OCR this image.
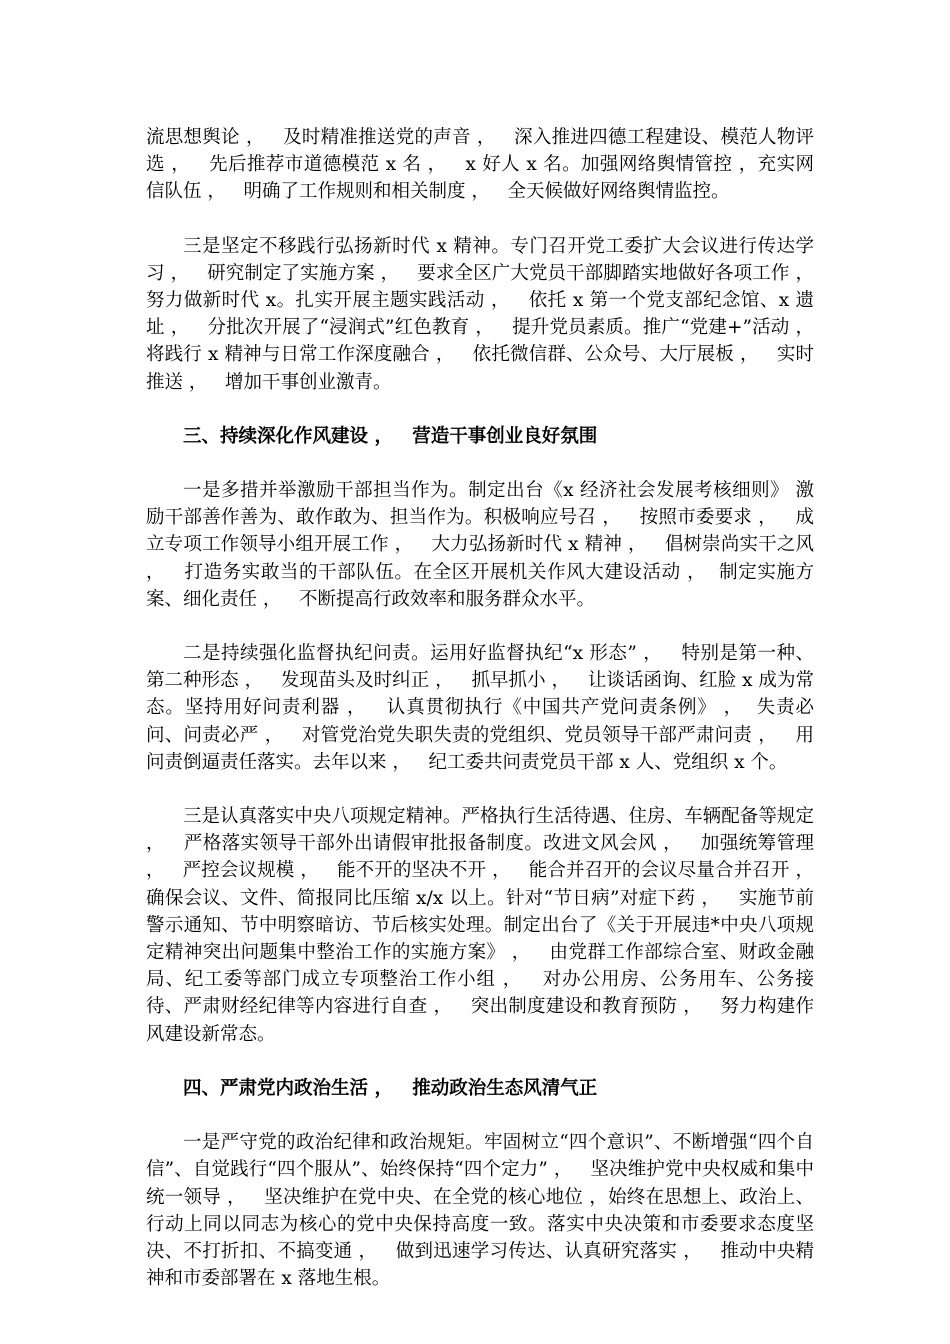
流思想舆论 ，   及时精准推送党的声音 ，   深入推进四德工程建设、模范人物评选 ，   先后推荐市道德模范 x 名 ，   x 好人 x 名。加强网络舆情管控 ，充实网信队伍 ，   明确了工作规则和相关制度 ，   全天候做好网络舆情监控。

三是坚定不移践行弘扬新时代 x 精神。专门召开党工委扩大会议进行传达学习 ，   研究制定了实施方案 ，   要求全区广大党员干部脚踏实地做好各项工作 ，   努力做新时代 x。扎实开展主题实践活动 ，   依托 x 第一个党支部纪念馆、x 遗址 ，   分批次开展了“浸润式”红色教育 ，   提升党员素质。推广“党建+”活动 ，   将践行 x 精神与日常工作深度融合 ，   依托微信群、公众号、大厅展板 ，   实时推送 ，   增加干事创业激青。

三、持续深化作风建设 ，   营造干事创业良好氛围

一是多措并举激励干部担当作为。制定出台《x 经济社会发展考核细则》 激励干部善作善为、敢作敢为、担当作为。积极响应号召 ，   按照市委要求 ，   成立专项工作领导小组开展工作 ，   大力弘扬新时代 x 精神 ，   倡树崇尚实干之风 ，   打造务实敢当的干部队伍。在全区开展机关作风大建设活动 ，  制定实施方案、细化责任 ，   不断提高行政效率和服务群众水平。

二是持续强化监督执纪问责。运用好监督执纪“x 形态” ，   特别是第一种、第二种形态 ，   发现苗头及时纠正 ，   抓早抓小 ，   让谈话函询、红脸 x 成为常态。坚持用好问责利器 ，   认真贯彻执行《中国共产党问责条例》 ，  失责必问、问责必严 ，   对管党治党失职失责的党组织、党员领导干部严肃问责 ，   用问责倒逼责任落实。去年以来 ，   纪工委共问责党员干部 x 人、党组织 x 个。

三是认真落实中央八项规定精神。严格执行生活待遇、住房、车辆配备等规定 ，   严格落实领导干部外出请假审批报备制度。改进文风会风 ，   加强统筹管理 ，   严控会议规模 ，   能不开的坚决不开 ，   能合并召开的会议尽量合并召开 ，   确保会议、文件、简报同比压缩 x/x 以上。针对“节日病”对症下药 ，   实施节前警示通知、节中明察暗访、节后核实处理。制定出台了《关于开展违*中央八项规定精神突出问题集中整治工作的实施方案》 ，   由党群工作部综合室、财政金融局、纪工委等部门成立专项整治工作小组 ，   对办公用房、公务用车、公务接待、严肃财经纪律等内容进行自查 ，   突出制度建设和教育预防 ，   努力构建作风建设新常态。

四、严肃党内政治生活 ，   推动政治生态风清气正

一是严守党的政治纪律和政治规矩。牢固树立“四个意识”、不断增强“四个自信”、自觉践行“四个服从”、始终保持“四个定力” ，   坚决维护党中央权威和集中统一领导 ，   坚决维护在党中央、在全党的核心地位 ，始终在思想上、政治上、行动上同以同志为核心的党中央保持高度一致。落实中央决策和市委要求态度坚决、不打折扣、不搞变通 ，   做到迅速学习传达、认真研究落实 ，   推动中央精神和市委部署在 x 落地生根。
